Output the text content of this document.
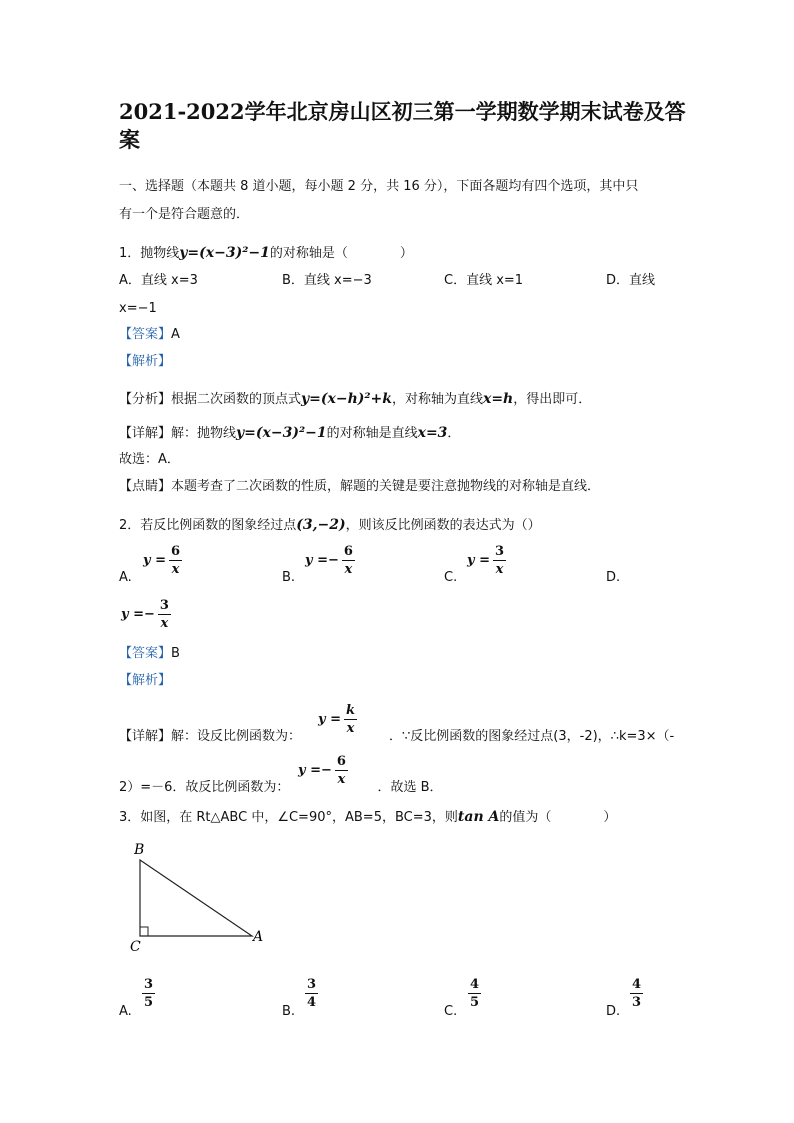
2021-2022学年北京房山区初三第一学期数学期末试卷及答
案
一、选择题（本题共 8 道小题，每小题 2 分，共 16 分），下面各题均有四个选项，其中只
有一个是符合题意的．
1．抛物线y=(x−3)²−1的对称轴是（　　　　）
A．直线 x=3	B．直线 x=−3	C．直线 x=1	D．直线
x=−1
【答案】A
【解析】
【分析】根据二次函数的顶点式y=(x−h)²+k，对称轴为直线x=h，得出即可．
【详解】解：抛物线y=(x−3)²−1的对称轴是直线x=3．
故选：A．
【点睛】本题考查了二次函数的性质，解题的关键是要注意抛物线的对称轴是直线．
2．若反比例函数的图象经过点(3,−2)，则该反比例函数的表达式为（）
A.
$y = \frac{6}{x}$	B.
y = − $\frac{6}{x}$	C.
$y = \frac{3}{x}$	D.
y = − $\frac{3}{x}$
【答案】B
【解析】
【详解】解：设反比例函数为：	．∵反比例函数的图象经过点(3，-2)，∴k=3×（-
$y = \frac{k}{x}$
2）=－6．故反比例函数为：	．故选 B．
y = − $\frac{6}{x}$
3．如图，在 Rt△ABC 中，∠C=90°，AB=5，BC=3，则tan A的值为（　　　　）
B
C
A
A.
$\frac{3}{5}$
B.
$\frac{3}{4}$
C.
$\frac{4}{5}$
D.
$\frac{4}{3}$
